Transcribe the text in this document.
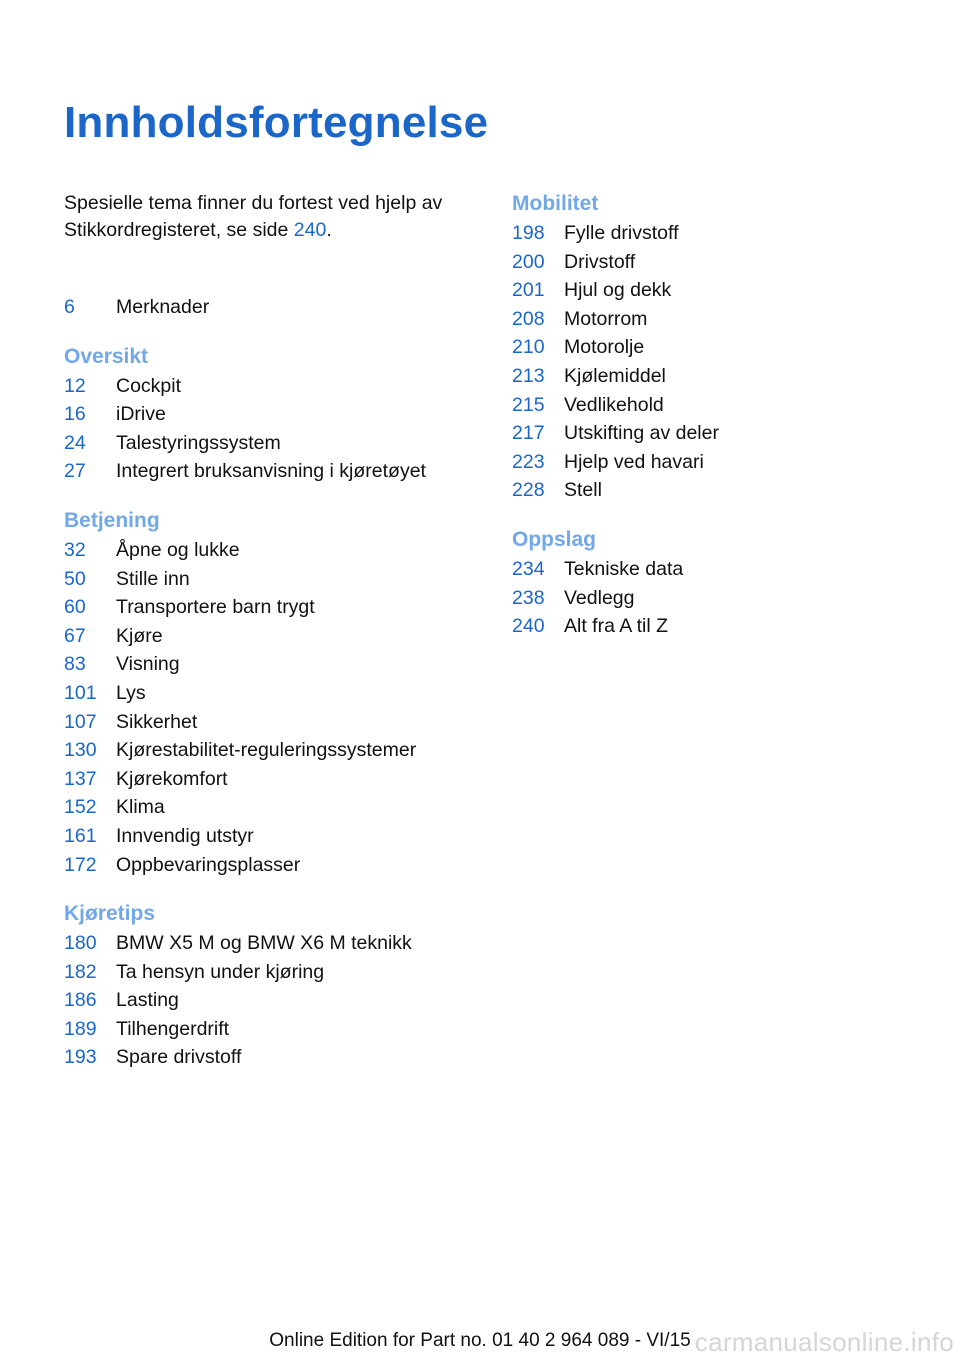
Innholdsfortegnelse

Spesielle tema finner du fortest ved hjelp av Stikkordregisteret, se side 240.

6	Merknader
Oversikt
12	Cockpit
16	iDrive
24	Talestyringssystem
27	Integrert bruksanvisning i kjøretøyet
Betjening
32	Åpne og lukke
50	Stille inn
60	Transportere barn trygt
67	Kjøre
83	Visning
101 Lys
107 Sikkerhet
130 Kjørestabilitet-reguleringssystemer
137 Kjørekomfort
152 Klima
161 Innvendig utstyr
172 Oppbevaringsplasser
Kjøretips
180 BMW X5 M og BMW X6 M teknikk
182 Ta hensyn under kjøring
186 Lasting
189 Tilhengerdrift
193 Spare drivstoff
Mobilitet
198 Fylle drivstoff
200 Drivstoff
201 Hjul og dekk
208 Motorrom
210 Motorolje
213 Kjølemiddel
215 Vedlikehold
217 Utskifting av deler
223 Hjelp ved havari
228 Stell
Oppslag
234 Tekniske data
238 Vedlegg
240 Alt fra A til Z
Online Edition for Part no. 01 40 2 964 089 - VI/15 carmanualsonline.info
